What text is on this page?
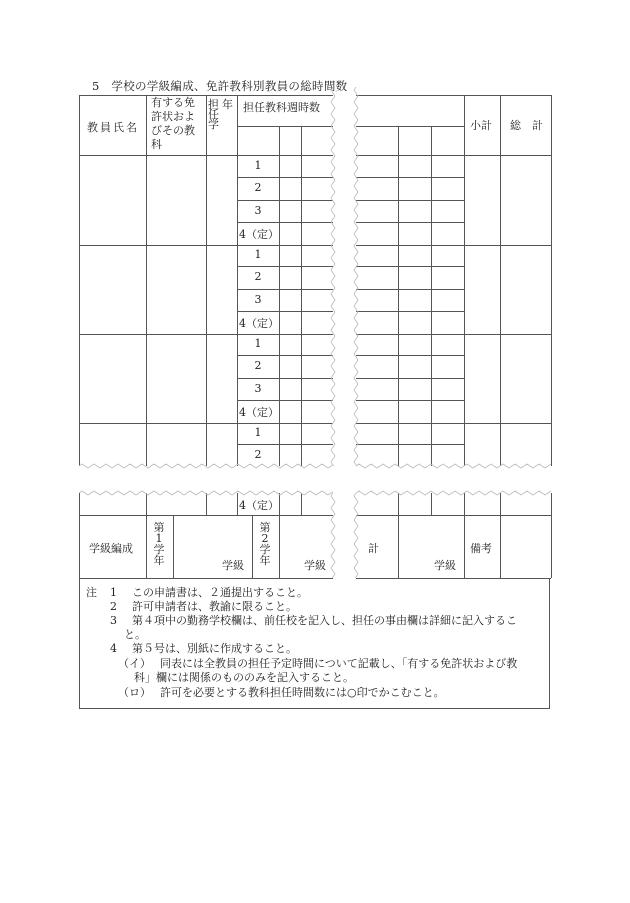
5　学校の学級編成、免許教科別教員の総時間数
教員氏名
有する免
許状およ
びその教
科
担 年
任
学
担任教科週時数
小計 総　計
1
2
3
4（定）
1
2
3
4（定）
1
2
3
4（定）
1
2
4（定）
学級編成
第
1
学
年
第
2
学
年
学級	学級
計
学級
備考
注 1 この申請書は、２通提出すること。
2 許可申請者は、教諭に限ること。
3 第４項中の勤務学校欄は、前任校を記入し、担任の事由欄は詳細に記入するこ
と。
4 第５号は、別紙に作成すること。
（イ） 同表には全教員の担任予定時間について記載し、「有する免許状および教
科」欄には関係のもののみを記入すること。
（ロ） 許可を必要とする教科担任時間数には○印でかこむこと。
